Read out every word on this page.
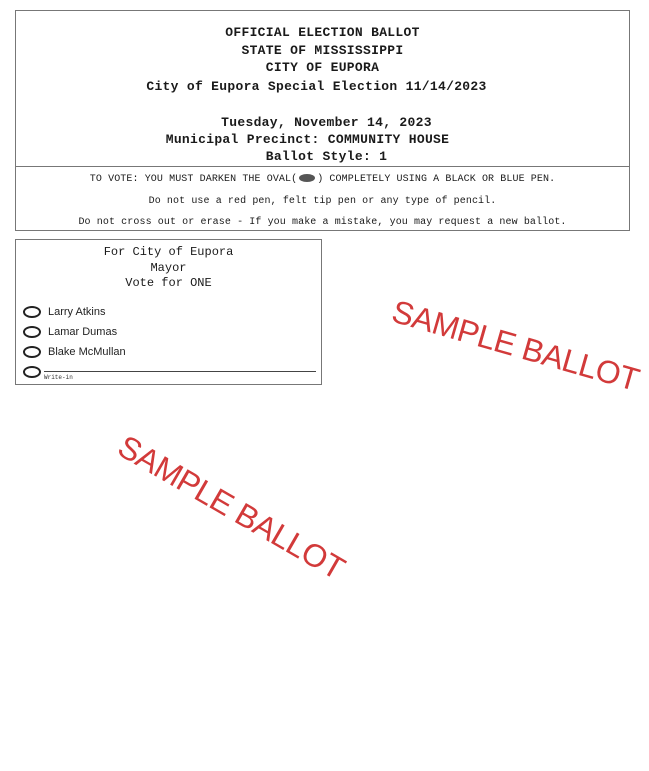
OFFICIAL ELECTION BALLOT
STATE OF MISSISSIPPI
CITY OF EUPORA
City of Eupora Special Election 11/14/2023
Tuesday, November 14, 2023
Municipal Precinct: COMMUNITY HOUSE
Ballot Style: 1
TO VOTE: YOU MUST DARKEN THE OVAL( ) COMPLETELY USING A BLACK OR BLUE PEN.
Do not use a red pen, felt tip pen or any type of pencil.
Do not cross out or erase - If you make a mistake, you may request a new ballot.
For City of Eupora
Mayor
Vote for ONE
Larry Atkins
Lamar Dumas
Blake McMullan
Write-in	SAMPLE BALLOT
SAMPLE BALLOT
